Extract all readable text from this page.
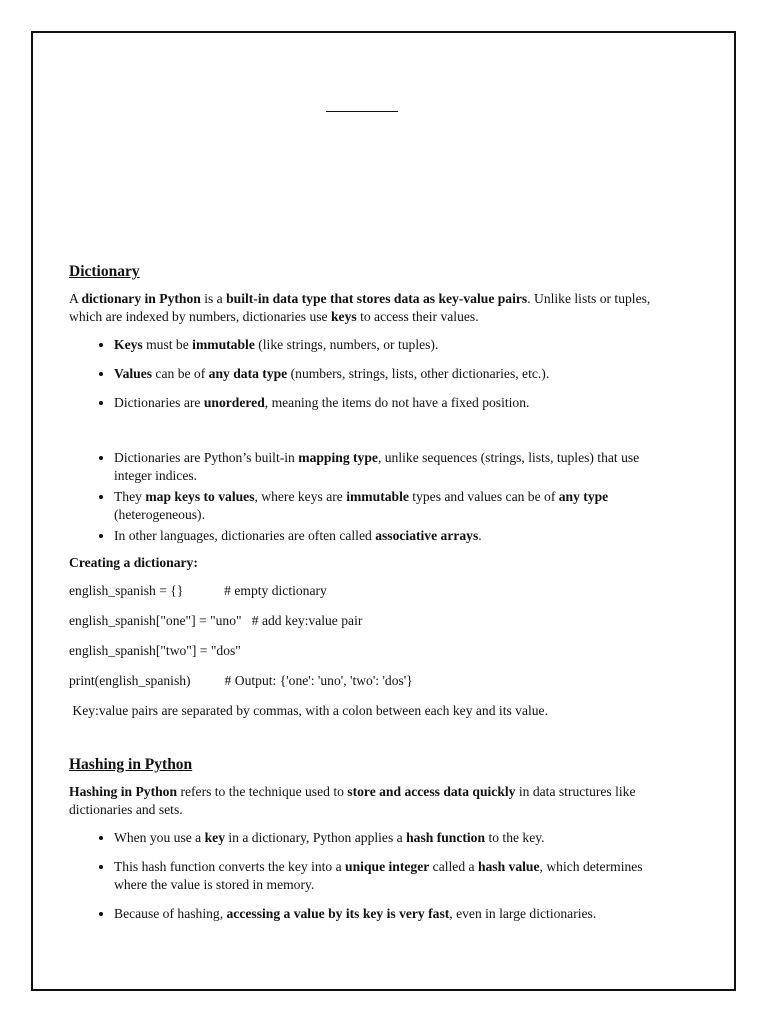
Dictionary

A dictionary in Python is a built-in data type that stores data as key-value pairs. Unlike lists or tuples, which are indexed by numbers, dictionaries use keys to access their values.

• Keys must be immutable (like strings, numbers, or tuples).
• Values can be of any data type (numbers, strings, lists, other dictionaries, etc.).
• Dictionaries are unordered, meaning the items do not have a fixed position.
• Dictionaries are Python’s built-in mapping type, unlike sequences (strings, lists, tuples) that use integer indices.
• They map keys to values, where keys are immutable types and values can be of any type (heterogeneous).
• In other languages, dictionaries are often called associative arrays.

Creating a dictionary:

english_spanish = {}            # empty dictionary
english_spanish["one"] = "uno"   # add key:value pair
english_spanish["two"] = "dos"
print(english_spanish)          # Output: {'one': 'uno', 'two': 'dos'}

Key:value pairs are separated by commas, with a colon between each key and its value.

Hashing in Python

Hashing in Python refers to the technique used to store and access data quickly in data structures like dictionaries and sets.

• When you use a key in a dictionary, Python applies a hash function to the key.
• This hash function converts the key into a unique integer called a hash value, which determines where the value is stored in memory.
• Because of hashing, accessing a value by its key is very fast, even in large dictionaries.
